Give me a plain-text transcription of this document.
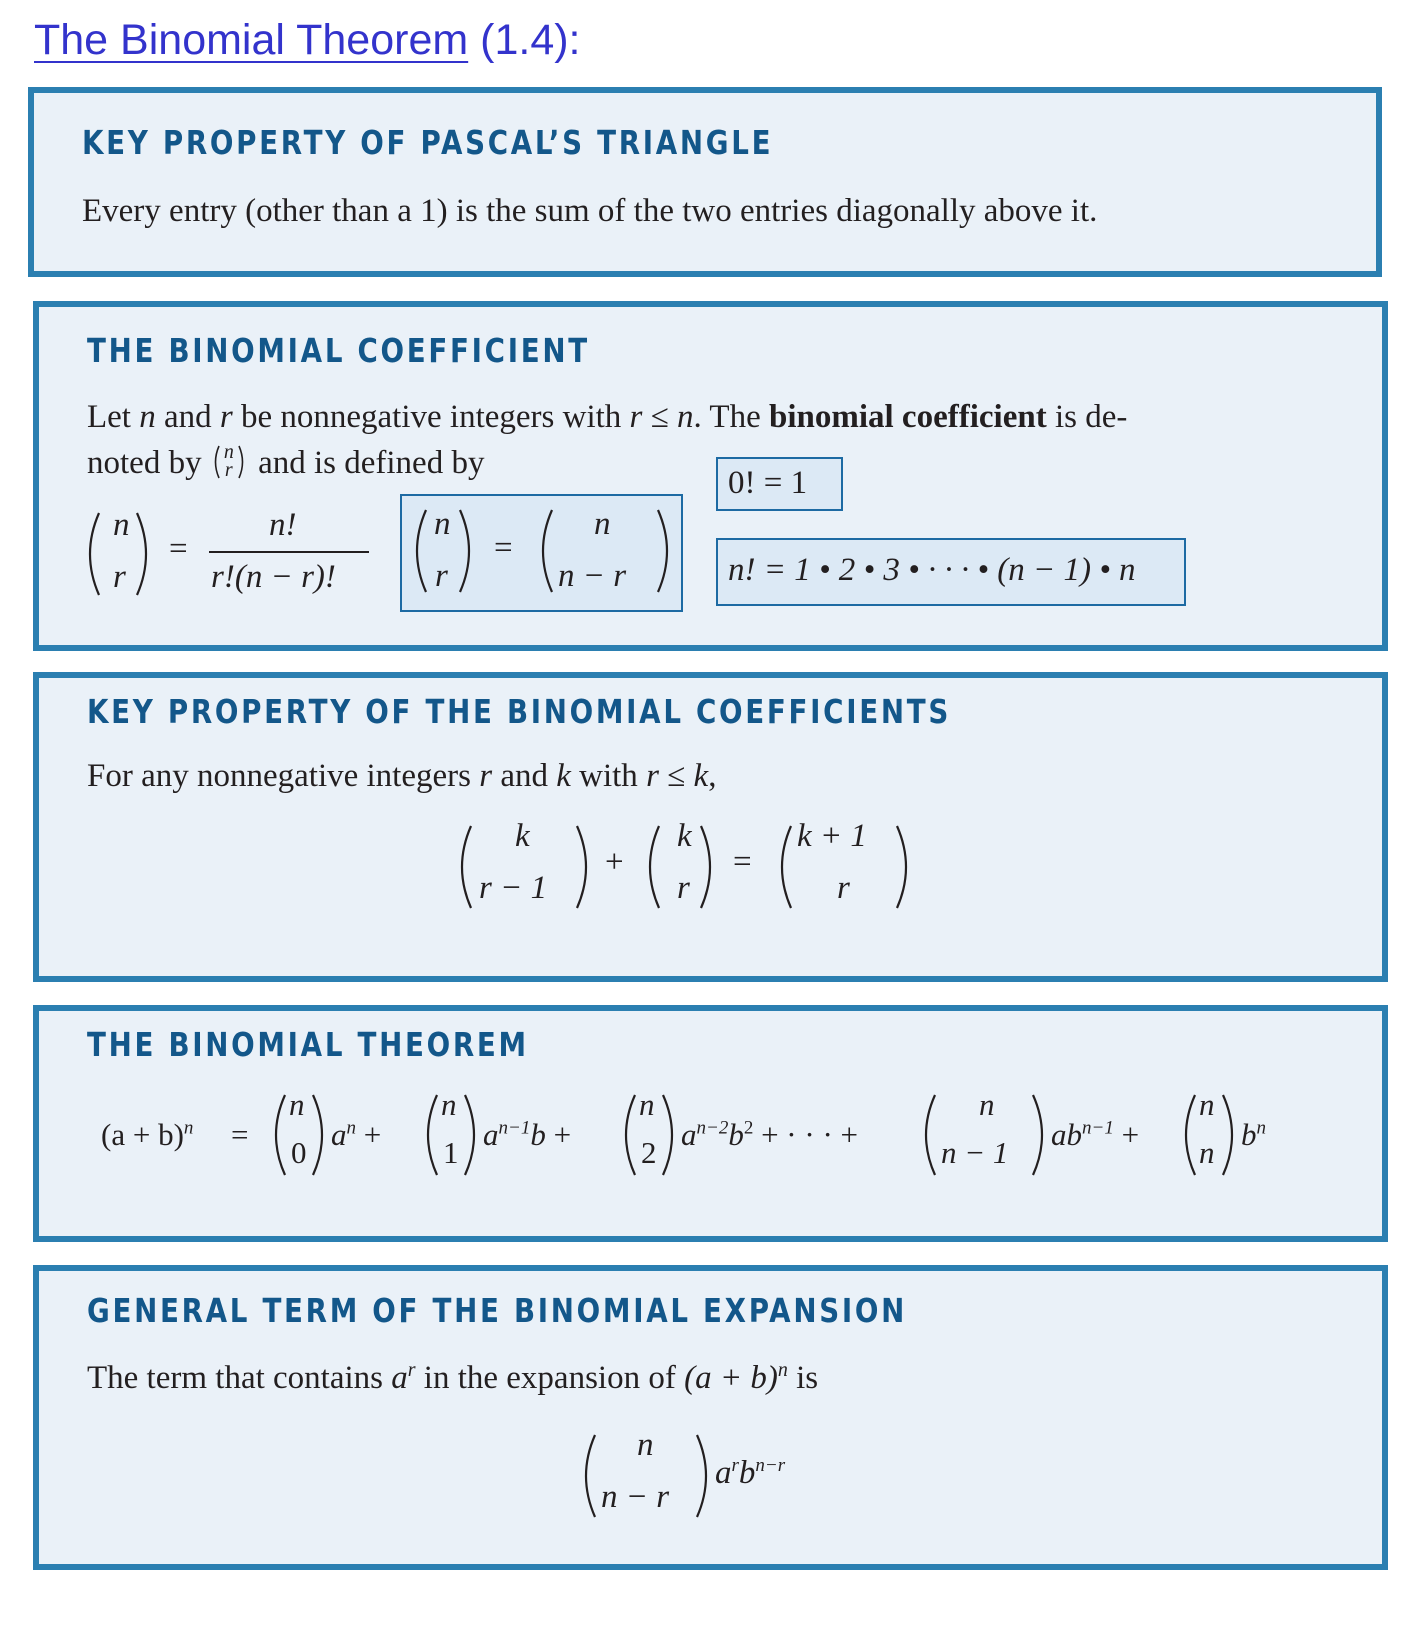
The Binomial Theorem (1.4):
KEY PROPERTY OF PASCAL’S TRIANGLE

Every entry (other than a 1) is the sum of the two entries diagonally above it.

THE BINOMIAL COEFFICIENT

Let n and r be nonnegative integers with r ≤ n. The binomial coefficient is de-

noted by n
r and is defined by

n
r
=
n!
r!(n − r)!
n
r
=
n
n − r
0! = 1
n! = 1 • 2 • 3 • · · · • (n − 1) • n
KEY PROPERTY OF THE BINOMIAL COEFFICIENTS

For any nonnegative integers r and k with r ≤ k,

k
r − 1
+
k
r
=
k + 1
r
THE BINOMIAL THEOREM
$(a + b)^n$ =
n
0
$a^n$ +
n
1
$a^{n-1}b$ +
n
2
$a^{n-2}b^2$ + · · · +
n
n − 1
$ab^{n-1}$ +
n
n
$b^n$
GENERAL TERM OF THE BINOMIAL EXPANSION

The term that contains $a^r$ in the expansion of $(a + b)^n$ is

n
n − r
$a^rb^{n-r}$
